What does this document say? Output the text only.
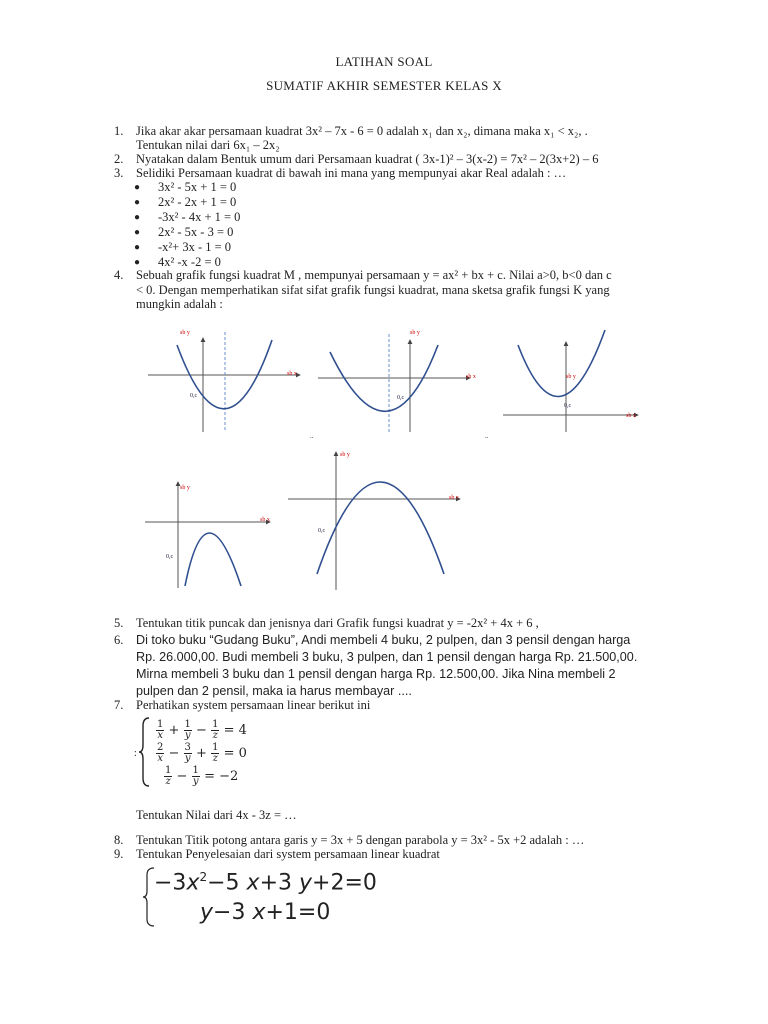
LATIHAN SOAL
SUMATIF AKHIR SEMESTER KELAS X
1. Jika akar akar persamaan kuadrat 3x² – 7x - 6 = 0 adalah x₁ dan x₂, dimana maka x₁ < x₂, .
Tentukan nilai dari 6x₁ – 2x₂
2. Nyatakan dalam Bentuk umum dari Persamaan kuadrat ( 3x-1)² – 3(x-2) = 7x² – 2(3x+2) – 6
3. Selidiki Persamaan kuadrat di bawah ini mana yang mempunyai akar Real adalah : …
● 3x² - 5x + 1 = 0
● 2x² - 2x + 1 = 0
● -3x² - 4x + 1 = 0
● 2x² - 5x - 3 = 0
● -x²+ 3x - 1 = 0
● 4x² -x -2 = 0
4. Sebuah grafik fungsi kuadrat M , mempunyai persamaan y = ax² + bx + c. Nilai a>0, b<0 dan c
< 0. Dengan memperhatikan sifat sifat grafik fungsi kuadrat, mana sketsa grafik fungsi K yang
mungkin adalah :
sb y
sb x
0,c
sb y
sb x
0,c
..
sb y
sb x
0,c
..
sb y
sb x
0,c
sb y
sb x
0,c
5. Tentukan titik puncak dan jenisnya dari Grafik fungsi kuadrat y = -2x² + 4x + 6 ,
6. Di toko buku “Gudang Buku”, Andi membeli 4 buku, 2 pulpen, dan 3 pensil dengan harga
Rp. 26.000,00. Budi membeli 3 buku, 3 pulpen, dan 1 pensil dengan harga Rp. 21.500,00.
Mirna membeli 3 buku dan 1 pensil dengan harga Rp. 12.500,00. Jika Nina membeli 2
pulpen dan 2 pensil, maka ia harus membayar ....
7. Perhatikan system persamaan linear berikut ini
:
$\frac{1}{x} + \frac{1}{y} - \frac{1}{z} = 4$
$\frac{2}{x} - \frac{3}{y} + \frac{1}{z} = 0$
$\frac{1}{z} - \frac{1}{y} = -2$
Tentukan Nilai dari 4x - 3z = …
8. Tentukan Titik potong antara garis y = 3x + 5 dengan parabola y = 3x² - 5x +2 adalah : …
9. Tentukan Penyelesaian dari system persamaan linear kuadrat
$-3x^2-5$ x+3 y+2=0
y−3 x+1=0
